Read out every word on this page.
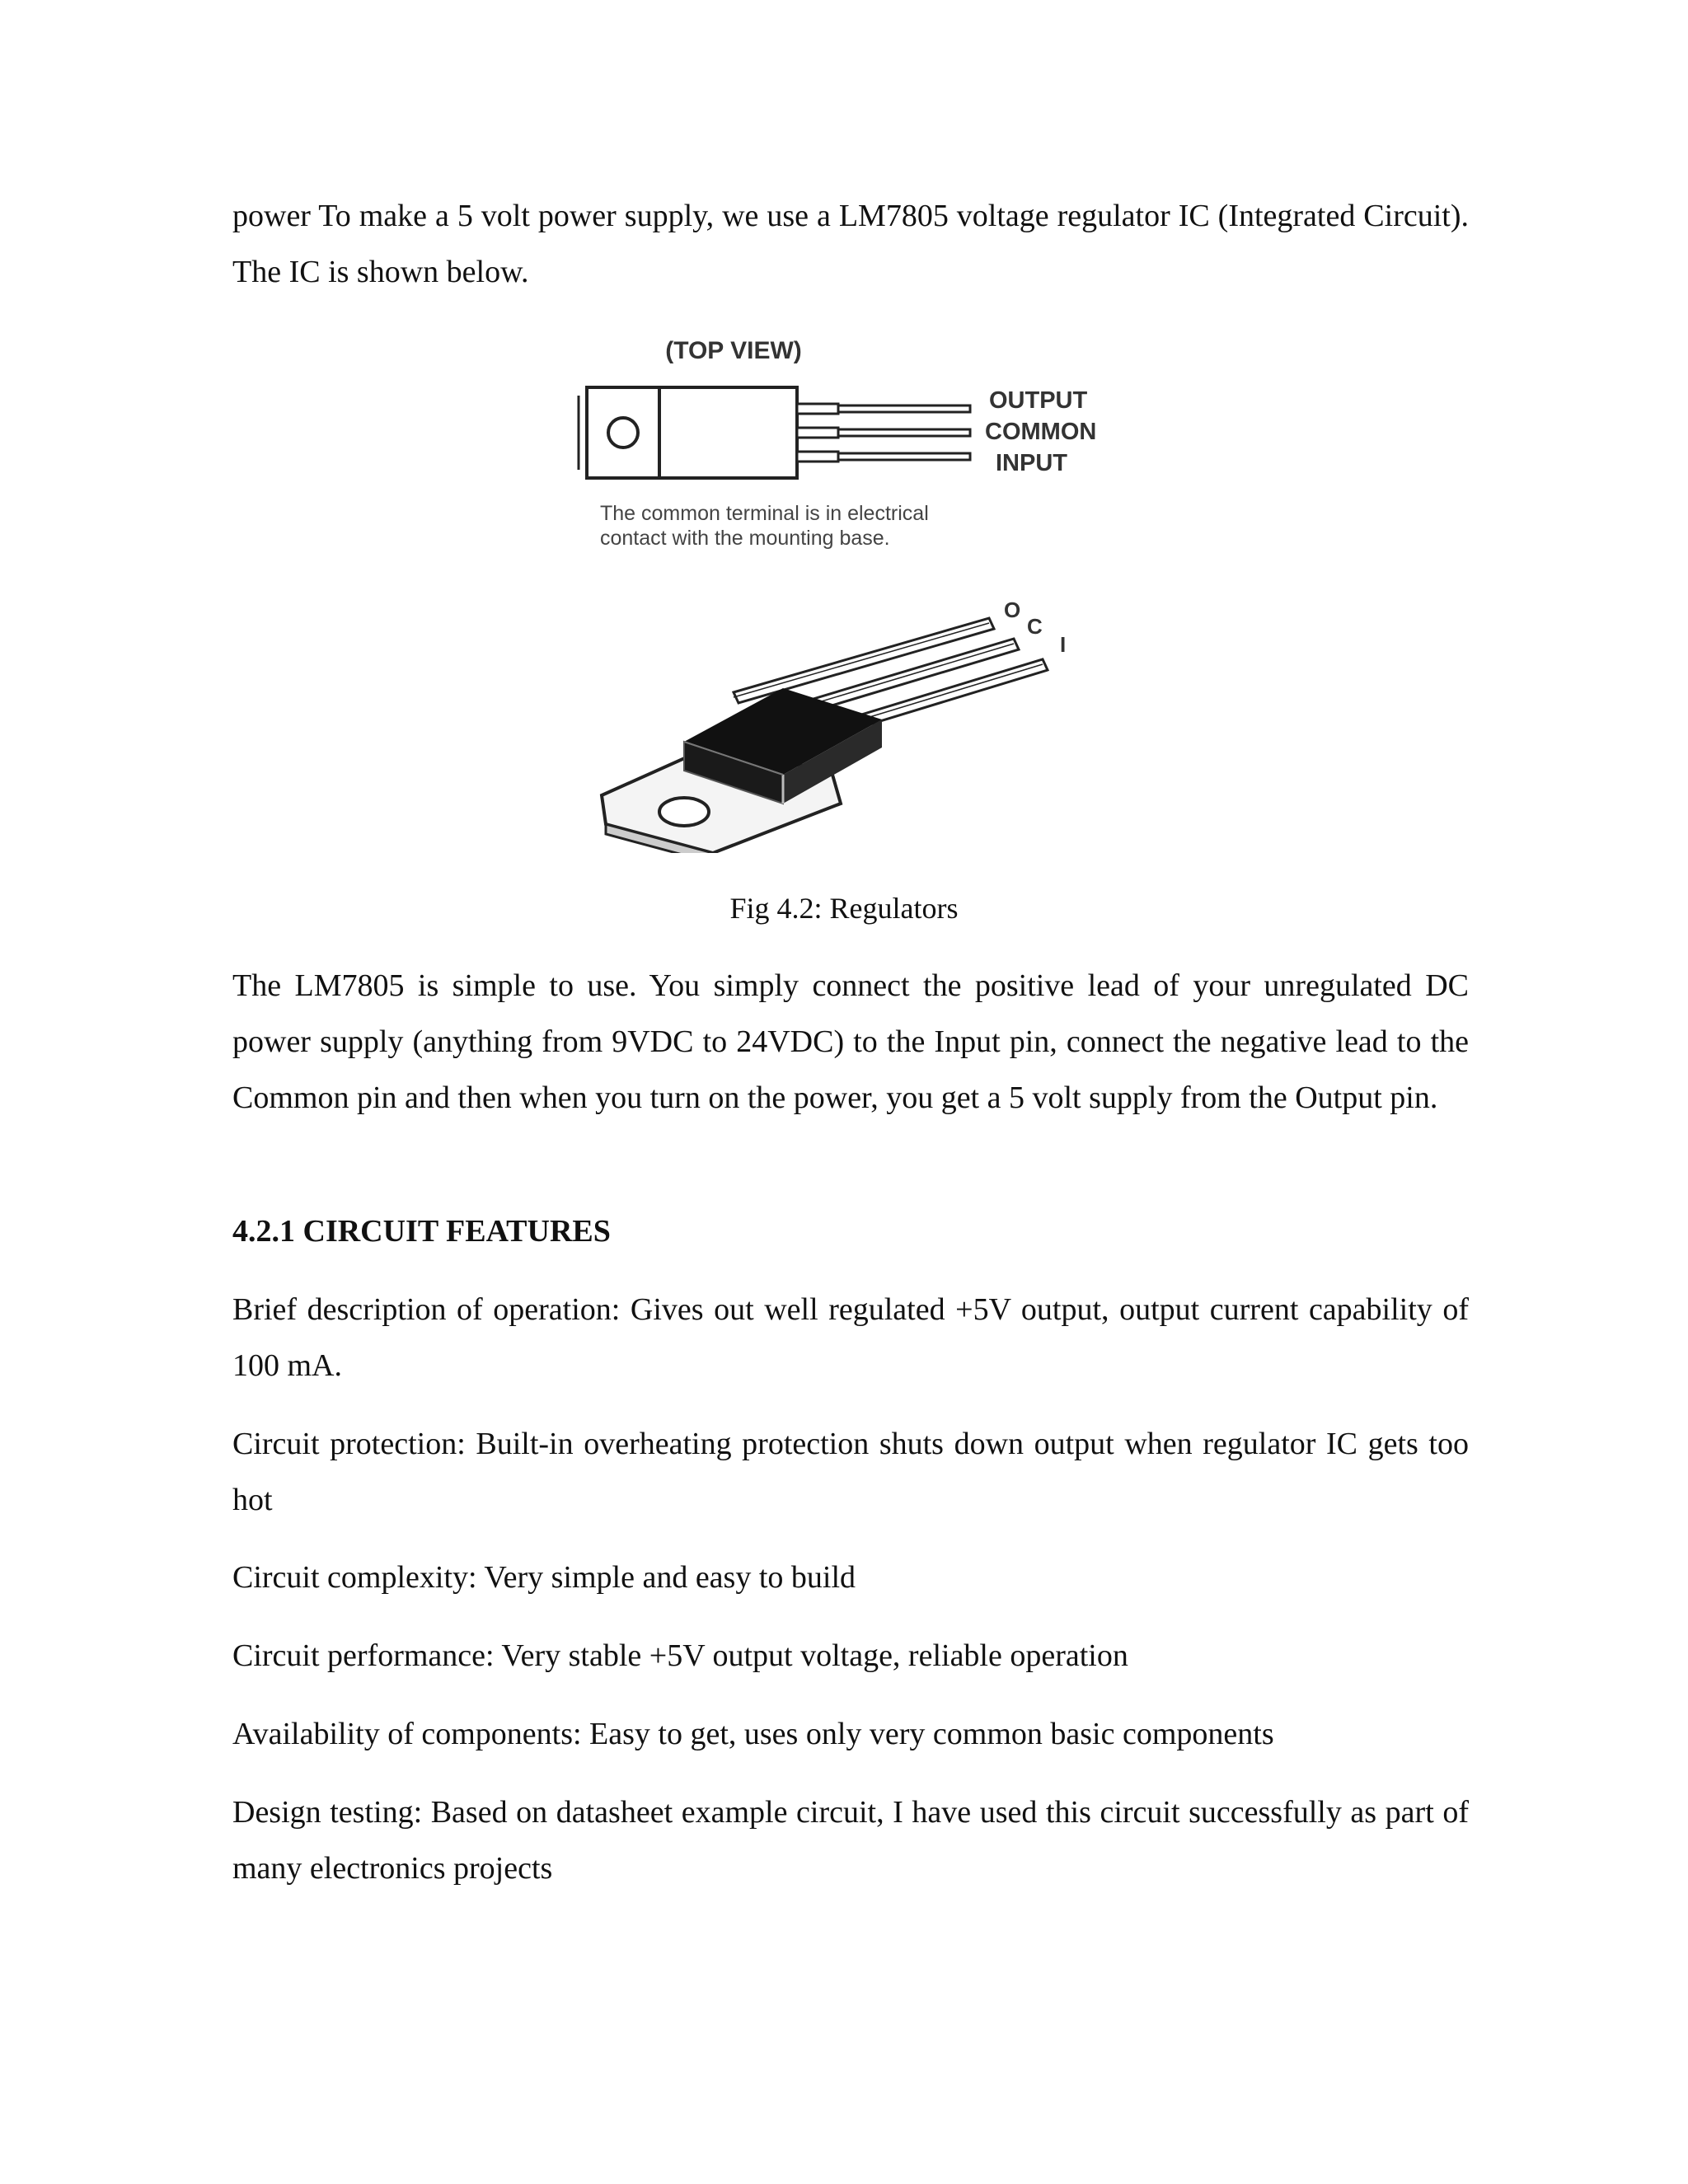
power To make a 5 volt power supply, we use a LM7805 voltage regulator IC (Integrated Circuit). The IC is shown below.

(TOP VIEW)
OUTPUT
COMMON
INPUT
The common terminal is in electrical
contact with the mounting base.
O
C
I

Fig 4.2: Regulators

The LM7805 is simple to use. You simply connect the positive lead of your unregulated DC power supply (anything from 9VDC to 24VDC) to the Input pin, connect the negative lead to the Common pin and then when you turn on the power, you get a 5 volt supply from the Output pin.

4.2.1 CIRCUIT FEATURES

Brief description of operation: Gives out well regulated +5V output, output current capability of 100 mA.

Circuit protection: Built-in overheating protection shuts down output when regulator IC gets too hot

Circuit complexity: Very simple and easy to build

Circuit performance: Very stable +5V output voltage, reliable operation

Availability of components: Easy to get, uses only very common basic components

Design testing: Based on datasheet example circuit, I have used this circuit successfully as part of many electronics projects
